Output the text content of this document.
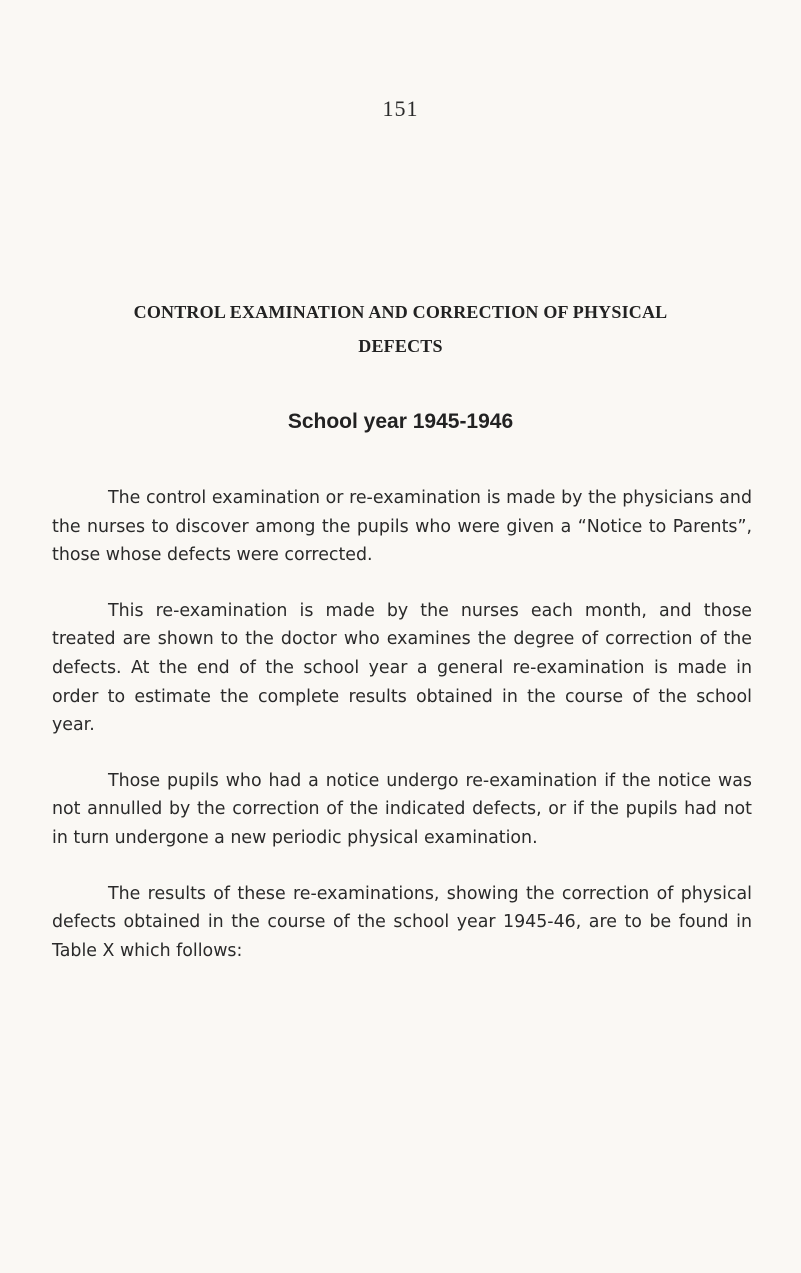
151
CONTROL EXAMINATION AND CORRECTION OF PHYSICAL
DEFECTS
School year 1945-1946

The control examination or re-examination is made by the physicians and the nurses to discover among the pupils who were given a “Notice to Parents”, those whose defects were corrected.

This re-examination is made by the nurses each month, and those treated are shown to the doctor who examines the degree of correction of the defects. At the end of the school year a general re-examination is made in order to estimate the complete results obtained in the course of the school year.

Those pupils who had a notice undergo re-examination if the notice was not annulled by the correction of the indicated defects, or if the pupils had not in turn undergone a new periodic physical examination.

The results of these re-examinations, showing the correction of physical defects obtained in the course of the school year 1945-46, are to be found in Table X which follows:
